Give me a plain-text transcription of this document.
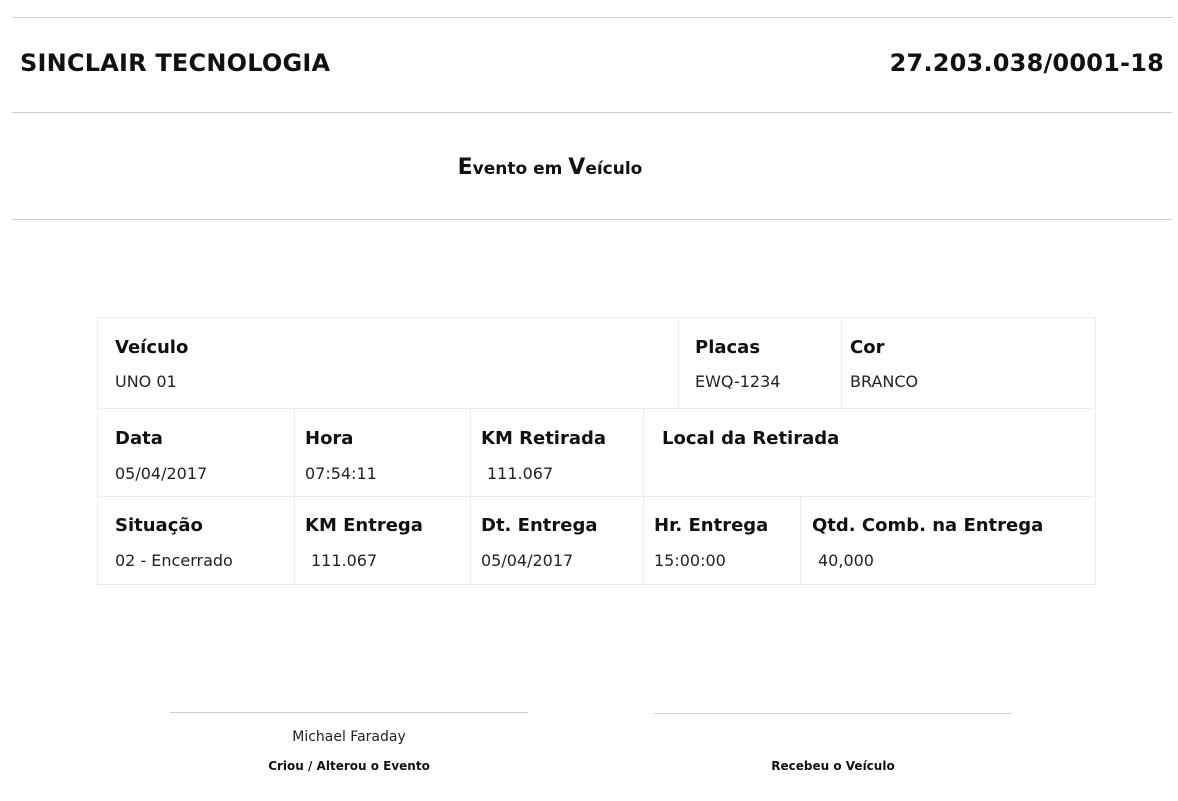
SINCLAIR TECNOLOGIA	27.203.038/0001-18
Evento em Veículo
Veículo
UNO 01
Placas
EWQ-1234
Cor
BRANCO
Data
05/04/2017
Hora
07:54:11
KM Retirada
111.067
Local da Retirada
Situação
02 - Encerrado
KM Entrega
111.067
Dt. Entrega
05/04/2017
Hr. Entrega
15:00:00
Qtd. Comb. na Entrega
40,000
Michael Faraday
Criou / Alterou o Evento	Recebeu o Veículo
